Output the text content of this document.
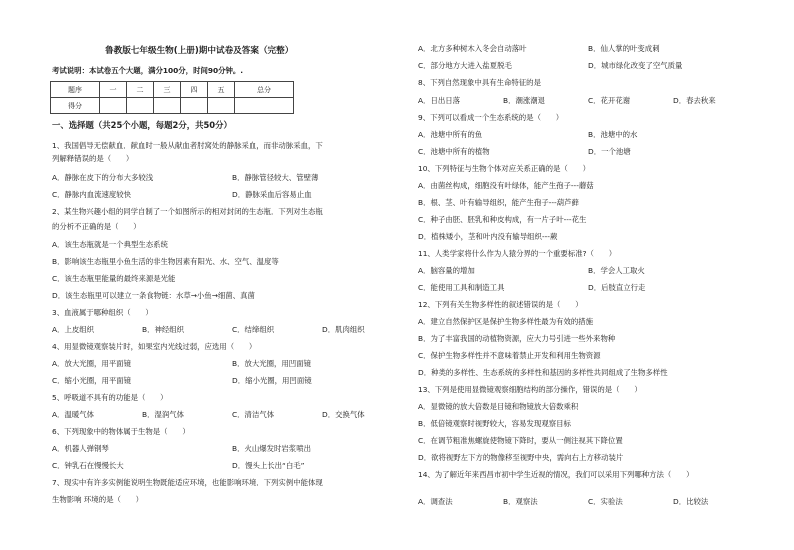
鲁教版七年级生物(上册)期中试卷及答案（完整）
考试说明：本试卷五个大题，满分100分，时间90分钟。.
题序	一	二	三	四	五	总分
得分						
一、选择题（共25个小题，每题2分，共50分）
1、我国倡导无偿献血．献血时一般从献血者肘窝处的静脉采血，而非动脉采血，下
列解释错误的是（　　）
A．静脉在皮下的分布大多较浅	B．静脉管径较大、管壁薄
C．静脉内血流速度较快	D．静脉采血后容易止血
2、某生物兴趣小组的同学自制了一个如图所示的相对封闭的生态瓶．下列对生态瓶
的分析不正确的是（　　）
A．该生态瓶就是一个典型生态系统
B．影响该生态瓶里小鱼生活的非生物因素有阳光、水、空气、温度等
C．该生态瓶里能量的最终来源是光能
D．该生态瓶里可以建立一条食物链：水草→小鱼→细菌、真菌
3、血液属于哪种组织（　　）
A．上皮组织	B．神经组织	C．结缔组织	D．肌肉组织
4、用显微镜观察装片时，如果室内光线过弱，应选用（　　）
A．放大光圈，用平面镜	B．放大光圈，用凹面镜
C．缩小光圈，用平面镜	D．缩小光圈，用凹面镜
5、呼吸道不具有的功能是（　　）
A．温暖气体	B．湿润气体	C．清洁气体	D．交换气体
6、下列现象中的物体属于生物是（　　）
A．机器人弹钢琴	B．火山爆发时岩浆喷出
C．钟乳石在慢慢长大	D．馒头上长出“白毛”
7、现实中有许多实例能说明生物既能适应环境，也能影响环境．下列实例中能体现
生物影响 环境的是（　　）
A．北方多种树木入冬会自动落叶	B．仙人掌的叶变成刺
C．部分地方大进入盐夏脱毛	D．城市绿化改变了空气质量
8、下列自然现象中具有生命特征的是
A．日出日落	B．潮涨潮退	C．花开花谢	D．春去秋来
9、下列可以看成一个生态系统的是（　　）
A．池塘中所有的鱼	B．池塘中的水
C．池塘中所有的植物	D．一个池塘
10、下列特征与生物个体对应关系正确的是（　　）
A．由菌丝构成，细胞没有叶绿体，能产生孢子---蘑菇
B．根、茎、叶有输导组织，能产生孢子---葫芦藓
C．种子由胚、胚乳和种皮构成，有一片子叶---花生
D．植株矮小，茎和叶内没有输导组织---蕨
11、人类学家将什么作为人猿分界的一个重要标准?（　　）
A．脑容量的增加	B．学会人工取火
C．能使用工具和制造工具	D．后肢直立行走
12、下列有关生物多样性的叙述错误的是（　　）
A．建立自然保护区是保护生物多样性最为有效的措施
B．为了丰富我国的动植物资源，应大力号引进一些外来物种
C．保护生物多样性并不意味着禁止开发和利用生物资源
D．种类的多样性、生态系统的多样性和基因的多样性共同组成了生物多样性
13、下列是使用显微镜观察细胞结构的部分操作，错误的是（　　）
A．显微镜的放大倍数是目镜和物镜放大倍数乘积
B．低倍镜观察时视野较大，容易发现观察目标
C．在调节粗准焦螺旋使物镜下降时，要从一侧注视其下降位置
D．欲将视野左下方的物像移至视野中央，需向右上方移动装片
14、为了解近年来西昌市初中学生近视的情况，我们可以采用下列哪种方法（　　）
A．调查法	B．观察法	C．实验法	D．比较法
